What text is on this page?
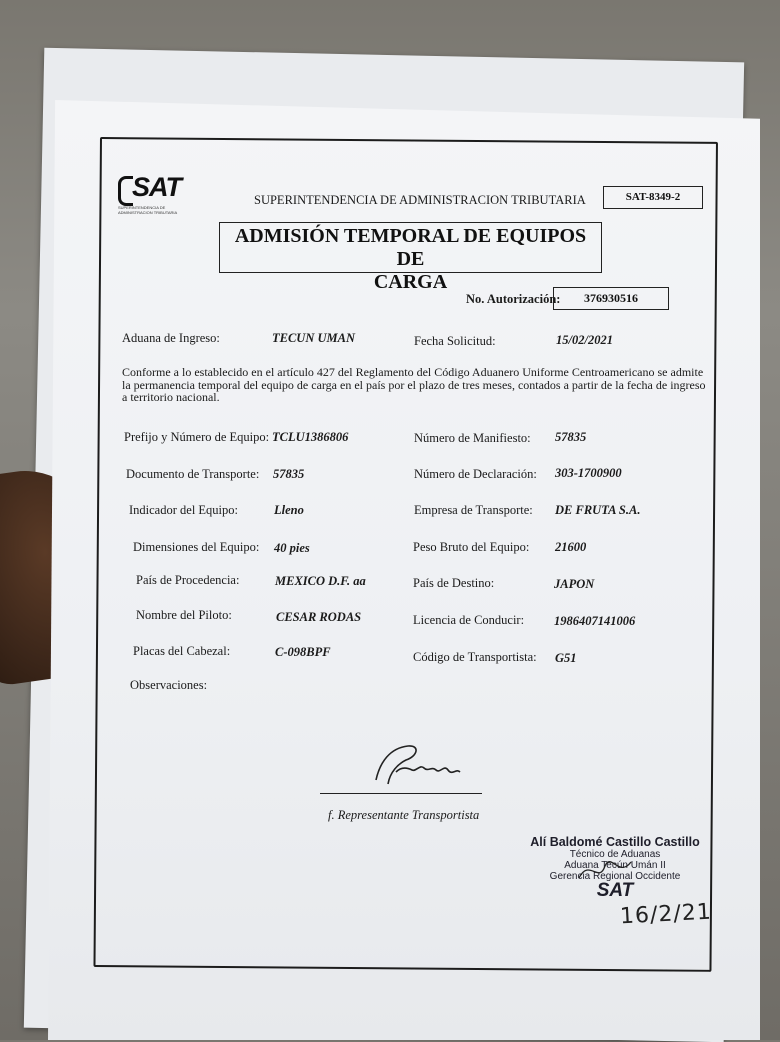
SAT
SUPERINTENDENCIA DE ADMINISTRACION TRIBUTARIA
SUPERINTENDENCIA DE ADMINISTRACION TRIBUTARIA	SAT-8349-2
ADMISIÓN TEMPORAL DE EQUIPOS DE
CARGA
No. Autorización:	376930516
Aduana de Ingreso:	TECUN UMAN	Fecha Solicitud:	15/02/2021
Conforme a lo establecido en el artículo 427 del Reglamento del Código Aduanero Uniforme Centroamericano se admite la permanencia temporal del equipo de carga en el país por el plazo de tres meses, contados a partir de la fecha de ingreso a territorio nacional.
Prefijo y Número de Equipo: TCLU1386806	Número de Manifiesto: 57835
Documento de Transporte: 57835	Número de Declaración: 303-1700900
Indicador del Equipo:	Lleno	Empresa de Transporte: DE FRUTA S.A.
Dimensiones del Equipo: 40 pies	Peso Bruto del Equipo: 21600
País de Procedencia:	MEXICO D.F. aa	País de Destino:	JAPON
Nombre del Piloto:	CESAR RODAS	Licencia de Conducir: 1986407141006
Placas del Cabezal:	C-098BPF	Código de Transportista: G51
Observaciones:
f. Representante Transportista
Alí Baldomé Castillo Castillo
Técnico de Aduanas
Aduana Tecún Umán II
Gerencia Regional Occidente
SAT
16/2/21
